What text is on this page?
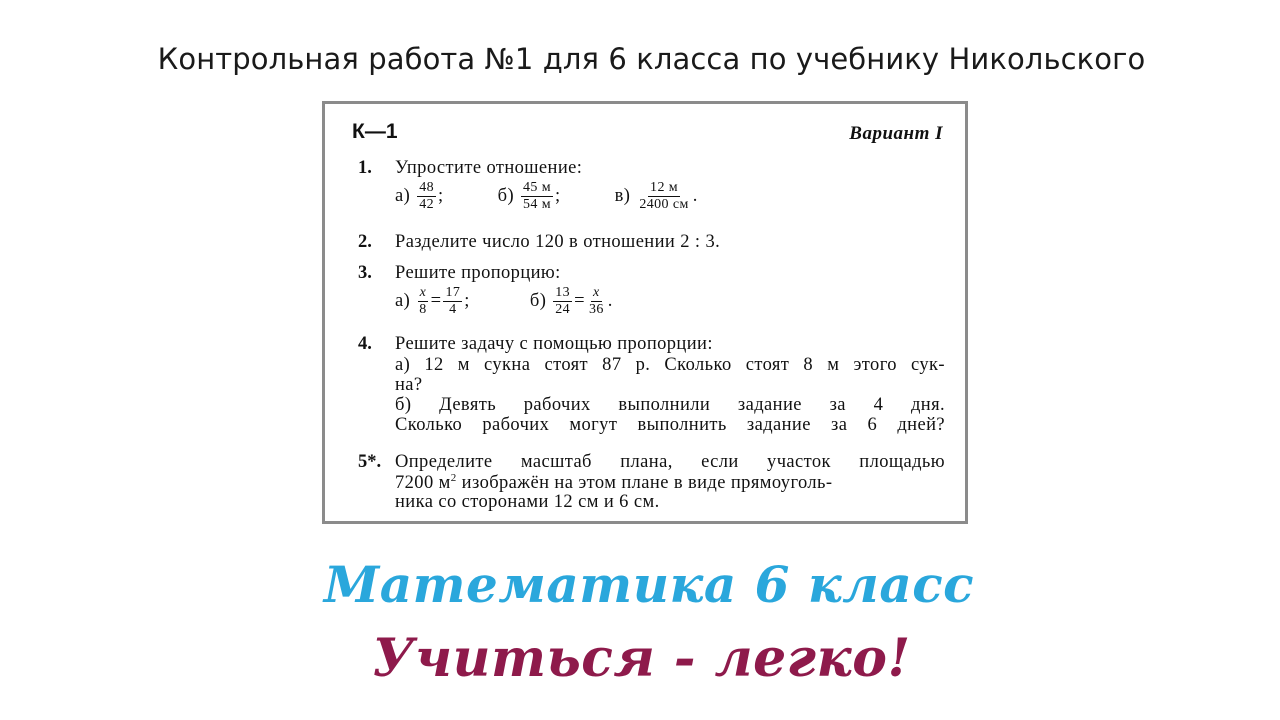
Контрольная работа №1 для 6 класса по учебнику Никольского
К—1	Вариант I
1. Упростите отношение:
$а) \frac{48}{42}$ ;	$б) \frac{45 м}{54 м}$ ;	$в) \frac{12 м}{2400 см}$ .
2. Разделите число 120 в отношении 2 : 3.
3. Решите пропорцию:
$а) \frac{x}{8} = \frac{17}{4}$ ;	$б) \frac{13}{24} = \frac{x}{36}$ .
4. Решите задачу с помощью пропорции:
а) 12 м сукна стоят 87 р. Сколько стоят 8 м этого сук-
на?
б) Девять рабочих выполнили задание за 4 дня.
Сколько рабочих могут выполнить задание за 6 дней?
5*. Определите масштаб плана, если участок площадью
7200 $м^2$ изображён на этом плане в виде прямоуголь-
ника со сторонами 12 см и 6 см.
Математика 6 класс
Учиться - легко!
